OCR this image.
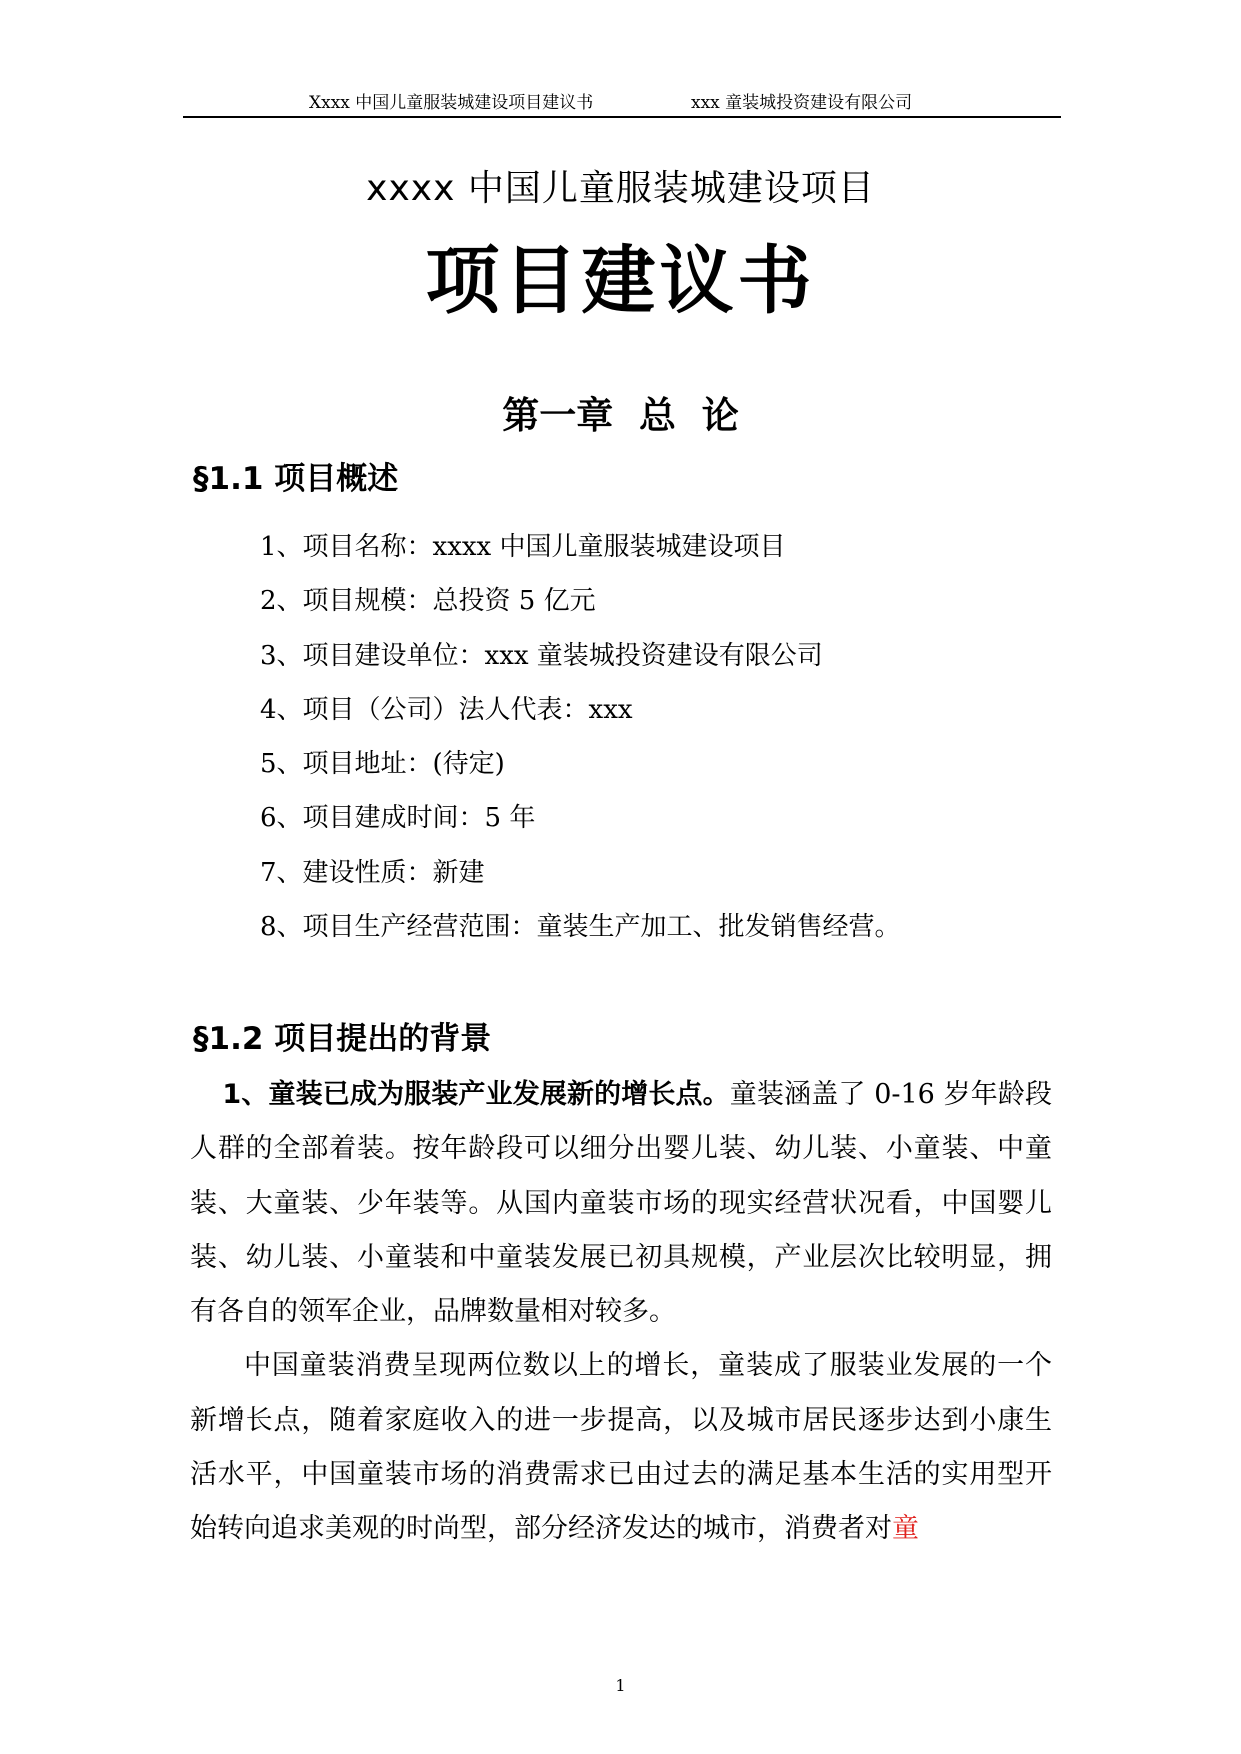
Xxxx 中国儿童服装城建设项目建议书	xxx 童装城投资建设有限公司
xxxx 中国儿童服装城建设项目
项目建议书
第一章  总  论
§1.1 项目概述
1、项目名称：xxxx 中国儿童服装城建设项目
2、项目规模：总投资 5 亿元
3、项目建设单位：xxx 童装城投资建设有限公司
4、项目（公司）法人代表：xxx
5、项目地址：(待定)
6、项目建成时间：5 年
7、建设性质：新建
8、项目生产经营范围：童装生产加工、批发销售经营。
§1.2 项目提出的背景

1、童装已成为服装产业发展新的增长点。童装涵盖了 0-16 岁年龄段人群的全部着装。按年龄段可以细分出婴儿装、幼儿装、小童装、中童装、大童装、少年装等。从国内童装市场的现实经营状况看，中国婴儿装、幼儿装、小童装和中童装发展已初具规模，产业层次比较明显，拥有各自的领军企业，品牌数量相对较多。

中国童装消费呈现两位数以上的增长，童装成了服装业发展的一个新增长点，随着家庭收入的进一步提高，以及城市居民逐步达到小康生活水平，中国童装市场的消费需求已由过去的满足基本生活的实用型开始转向追求美观的时尚型，部分经济发达的城市，消费者对童

1
